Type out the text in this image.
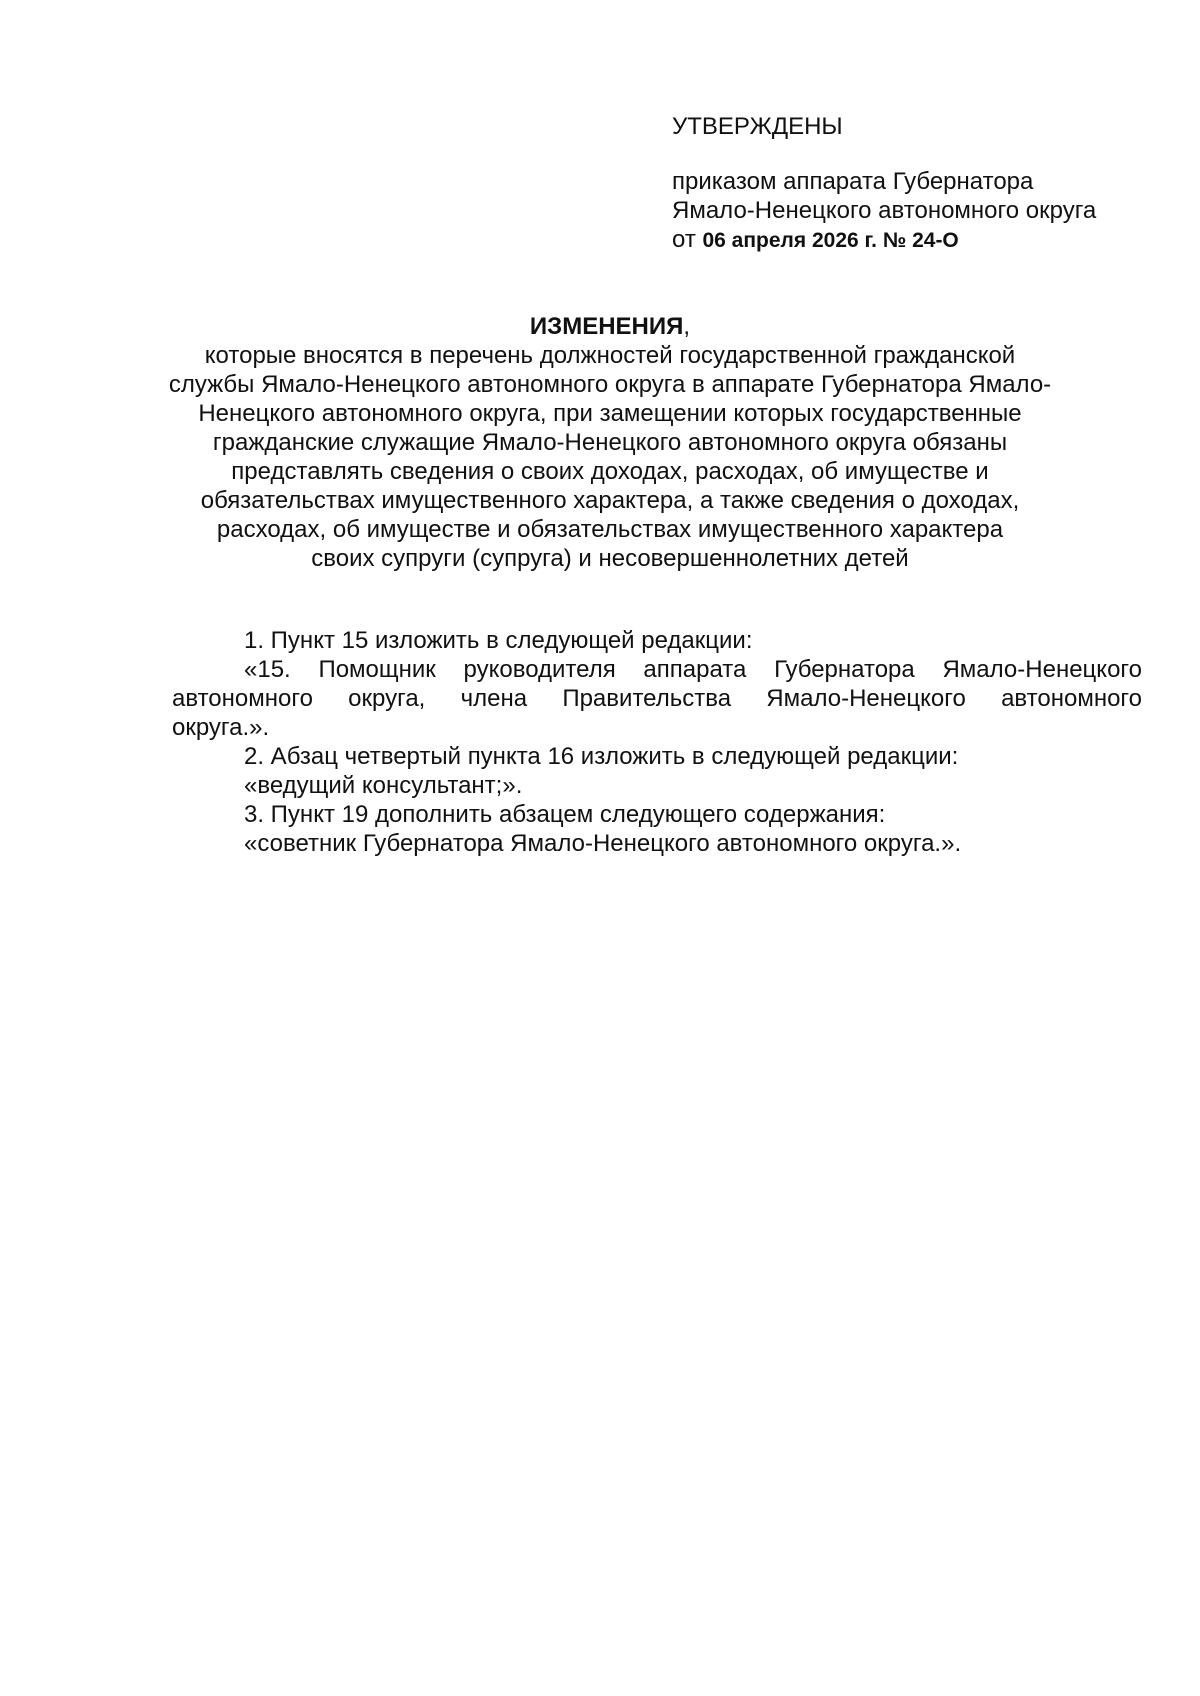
УТВЕРЖДЕНЫ
приказом аппарата Губернатора
Ямало-Ненецкого автономного округа
от 06 апреля 2026 г. № 24-О
ИЗМЕНЕНИЯ,
которые вносятся в перечень должностей государственной гражданской
службы Ямало-Ненецкого автономного округа в аппарате Губернатора Ямало-
Ненецкого автономного округа, при замещении которых государственные
гражданские служащие Ямало-Ненецкого автономного округа обязаны
представлять сведения о своих доходах, расходах, об имуществе и
обязательствах имущественного характера, а также сведения о доходах,
расходах, об имуществе и обязательствах имущественного характера
своих супруги (супруга) и несовершеннолетних детей
1. Пункт 15 изложить в следующей редакции:
«15. Помощник руководителя аппарата Губернатора Ямало-Ненецкого
автономного округа, члена Правительства Ямало-Ненецкого автономного
округа.».
2. Абзац четвертый пункта 16 изложить в следующей редакции:
«ведущий консультант;».
3. Пункт 19 дополнить абзацем следующего содержания:
«советник Губернатора Ямало-Ненецкого автономного округа.».
